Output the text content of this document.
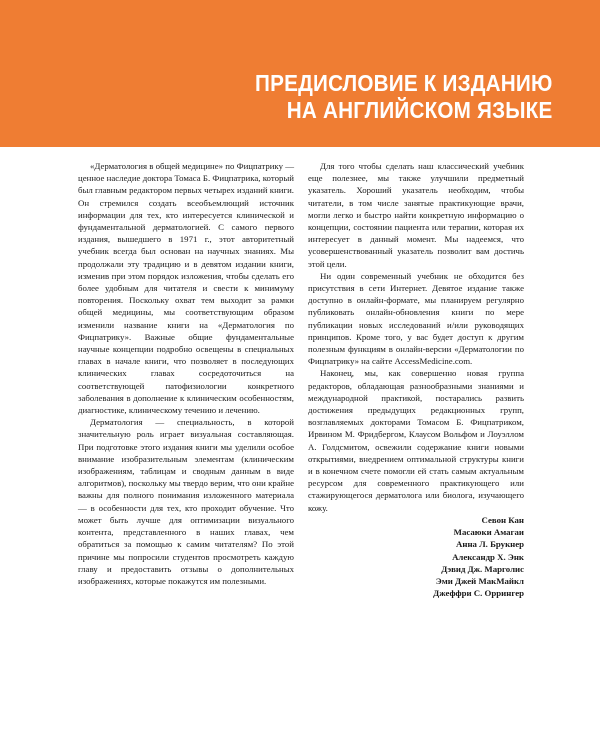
ПРЕДИСЛОВИЕ К ИЗДАНИЮ
НА АНГЛИЙСКОМ ЯЗЫКЕ

«Дерматология в общей медицине» по Фицпатрику — ценное наследие доктора Томаса Б. Фицпатрика, который был главным редактором первых четырех изданий книги. Он стремился создать всеобъемлющий источник информации для тех, кто интересуется клинической и фундаментальной дерматологией. С самого первого издания, вышедшего в 1971 г., этот авторитетный учебник всегда был основан на научных знаниях. Мы продолжали эту традицию и в девятом издании книги, изменив при этом порядок изложения, чтобы сделать его более удобным для читателя и свести к минимуму повторения. Поскольку охват тем выходит за рамки общей медицины, мы соответствующим образом изменили название книги на «Дерматология по Фицпатрику». Важные общие фундаментальные научные концепции подробно освещены в специальных главах в начале книги, что позволяет в последующих клинических главах сосредоточиться на соответствующей патофизиологии конкретного заболевания в дополнение к клиническим особенностям, диагностике, клиническому течению и лечению.

Дерматология — специальность, в которой значительную роль играет визуальная составляющая. При подготовке этого издания книги мы уделили особое внимание изобразительным элементам (клиническим изображениям, таблицам и сводным данным в виде алгоритмов), поскольку мы твердо верим, что они крайне важны для полного понимания изложенного материала — в особенности для тех, кто проходит обучение. Что может быть лучше для оптимизации визуального контента, представленного в наших главах, чем обратиться за помощью к самим читателям? По этой причине мы попросили студентов просмотреть каждую главу и предоставить отзывы о дополнительных изображениях, которые покажутся им полезными.

Для того чтобы сделать наш классический учебник еще полезнее, мы также улучшили предметный указатель. Хороший указатель необходим, чтобы читатели, в том числе занятые практикующие врачи, могли легко и быстро найти конкретную информацию о концепции, состоянии пациента или терапии, которая их интересует в данный момент. Мы надеемся, что усовершенствованный указатель позволит вам достичь этой цели.

Ни один современный учебник не обходится без присутствия в сети Интернет. Девятое издание также доступно в онлайн-формате, мы планируем регулярно публиковать онлайн-обновления книги по мере публикации новых исследований и/или руководящих принципов. Кроме того, у вас будет доступ к другим полезным функциям в онлайн-версии «Дерматологии по Фицпатрику» на сайте AccessMedicine.com.

Наконец, мы, как совершенно новая группа редакторов, обладающая разнообразными знаниями и международной практикой, постарались развить достижения предыдущих редакционных групп, возглавляемых докторами Томасом Б. Фицпатриком, Ирвином М. Фридбергом, Клаусом Вольфом и Лоуэллом А. Голдсмитом, освежили содержание книги новыми открытиями, внедрением оптимальной структуры книги и в конечном счете помогли ей стать самым актуальным ресурсом для современного практикующего или стажирующегося дерматолога или биолога, изучающего кожу.

Севон Кан
Масаюки Амагаи
Анна Л. Брукнер
Александр Х. Энк
Дэвид Дж. Марголис
Эми Джей МакМайкл
Джеффри С. Оррингер
